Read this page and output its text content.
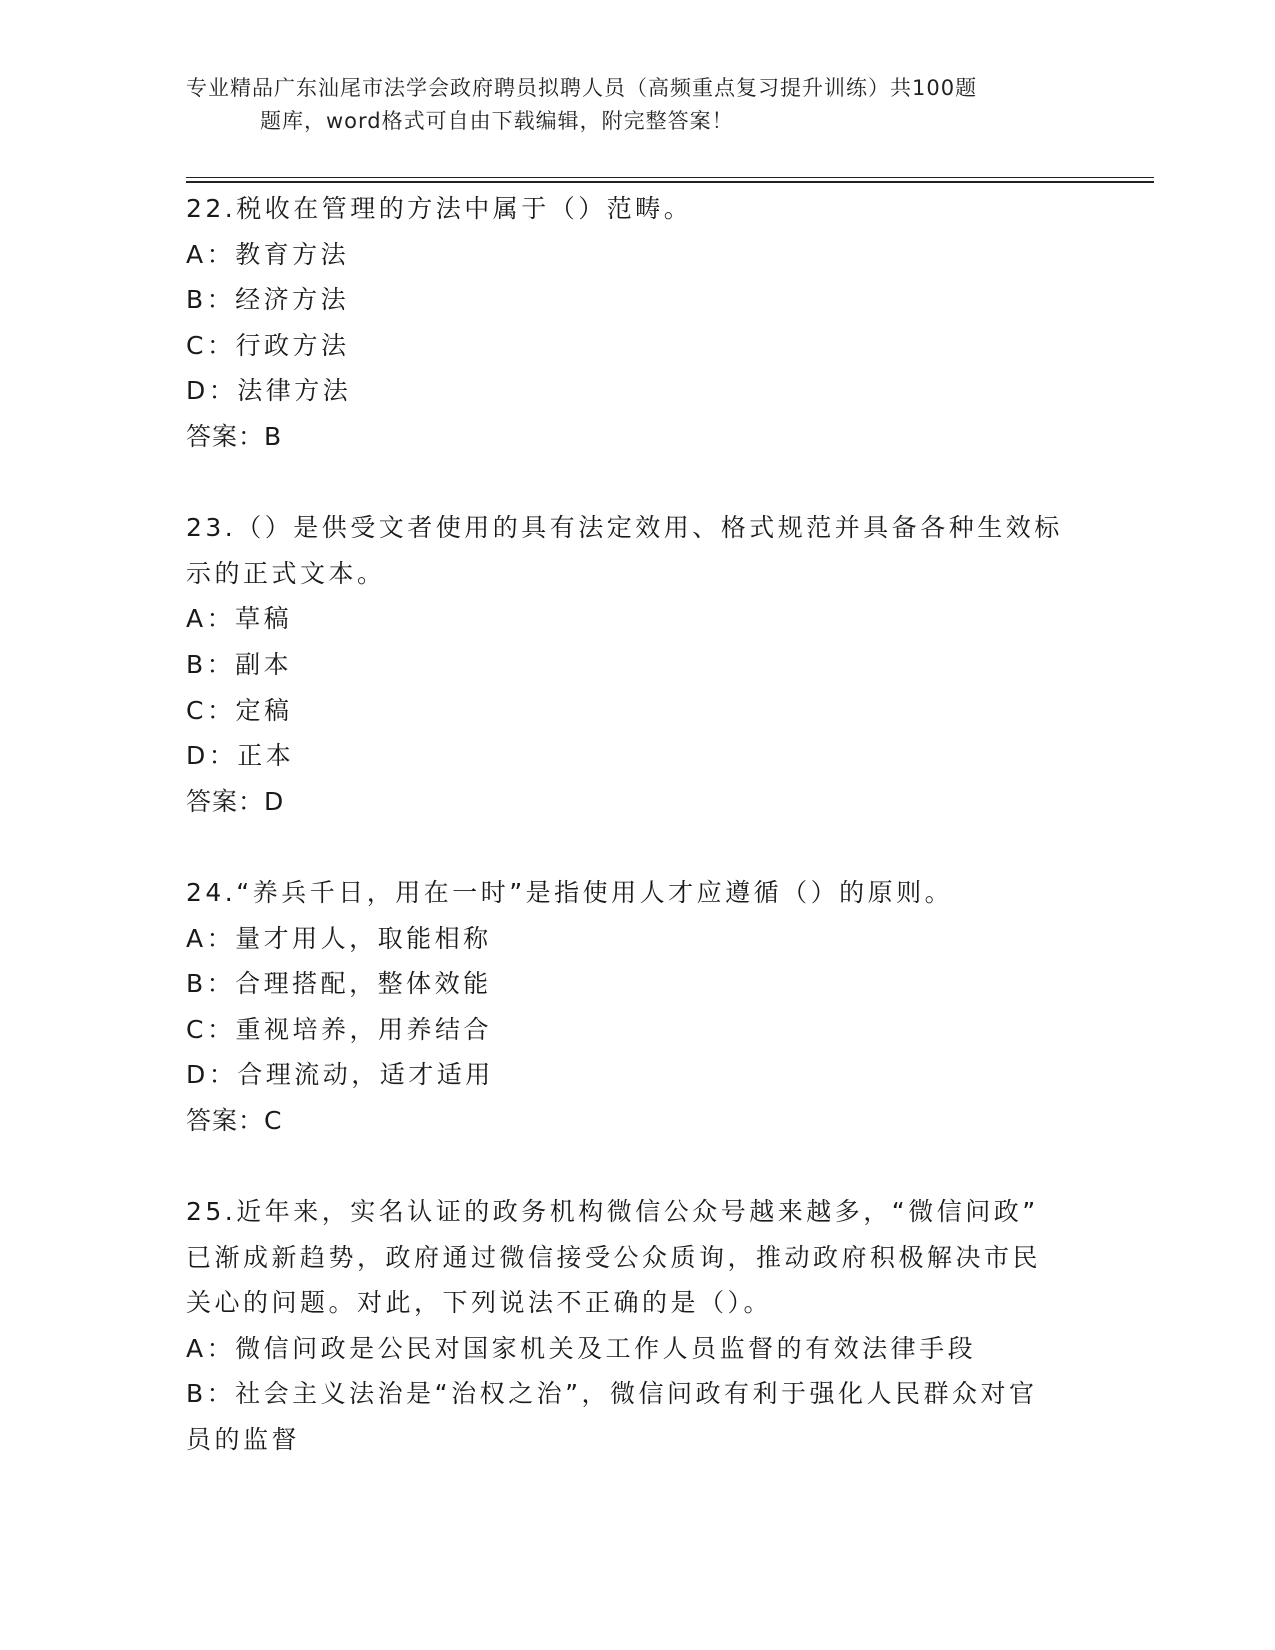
专业精品广东汕尾市法学会政府聘员拟聘人员（高频重点复习提升训练）共100题
题库，word格式可自由下载编辑，附完整答案！
22.税收在管理的方法中属于（）范畴。
A：教育方法
B：经济方法
C：行政方法
D：法律方法
答案：B
23.（）是供受文者使用的具有法定效用、格式规范并具备各种生效标
示的正式文本。
A：草稿
B：副本
C：定稿
D：正本
答案：D
24.“养兵千日，用在一时”是指使用人才应遵循（）的原则。
A：量才用人，取能相称
B：合理搭配，整体效能
C：重视培养，用养结合
D：合理流动，适才适用
答案：C
25.近年来，实名认证的政务机构微信公众号越来越多，“微信问政”
已渐成新趋势，政府通过微信接受公众质询，推动政府积极解决市民
关心的问题。对此，下列说法不正确的是（）。
A：微信问政是公民对国家机关及工作人员监督的有效法律手段
B：社会主义法治是“治权之治”，微信问政有利于强化人民群众对官
员的监督
